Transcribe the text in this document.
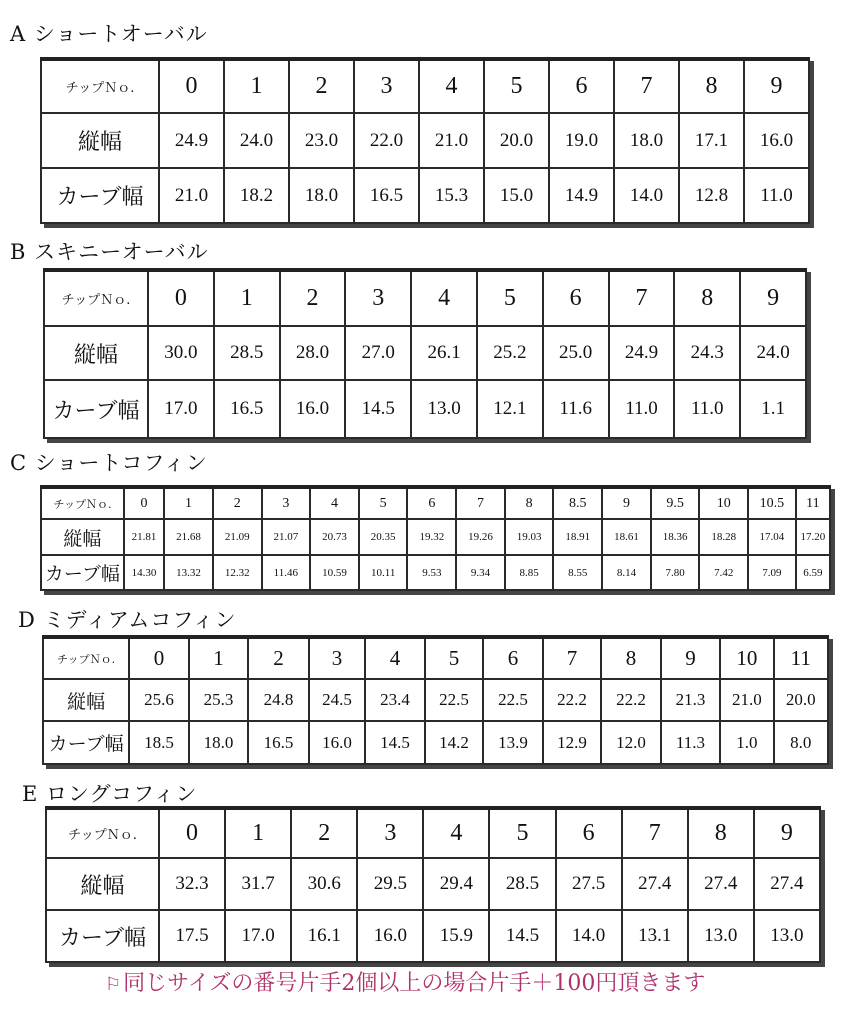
A ショートオーバル
チップＮｏ.	0	1	2	3	4	5	6	7	8	9
縦幅	24.9	24.0	23.0	22.0	21.0	20.0	19.0	18.0	17.1	16.0
カーブ幅	21.0	18.2	18.0	16.5	15.3	15.0	14.9	14.0	12.8	11.0
B スキニーオーバル
チップＮｏ.	0	1	2	3	4	5	6	7	8	9
縦幅	30.0	28.5	28.0	27.0	26.1	25.2	25.0	24.9	24.3	24.0
カーブ幅	17.0	16.5	16.0	14.5	13.0	12.1	11.6	11.0	11.0	1.1
C ショートコフィン
チップＮｏ.	0	1	2	3	4	5	6	7	8	8.5	9	9.5	10	10.5	11
縦幅	21.81	21.68	21.09	21.07	20.73	20.35	19.32	19.26	19.03	18.91	18.61	18.36	18.28	17.04	17.20
カーブ幅	14.30	13.32	12.32	11.46	10.59	10.11	9.53	9.34	8.85	8.55	8.14	7.80	7.42	7.09	6.59
D ミディアムコフィン
チップＮｏ.	0	1	2	3	4	5	6	7	8	9	10	11
縦幅	25.6	25.3	24.8	24.5	23.4	22.5	22.5	22.2	22.2	21.3	21.0	20.0
カーブ幅	18.5	18.0	16.5	16.0	14.5	14.2	13.9	12.9	12.0	11.3	1.0	8.0
E ロングコフィン
チップＮｏ.	0	1	2	3	4	5	6	7	8	9
縦幅	32.3	31.7	30.6	29.5	29.4	28.5	27.5	27.4	27.4	27.4
カーブ幅	17.5	17.0	16.1	16.0	15.9	14.5	14.0	13.1	13.0	13.0
⚐同じサイズの番号片手2個以上の場合片手＋100円頂きます
